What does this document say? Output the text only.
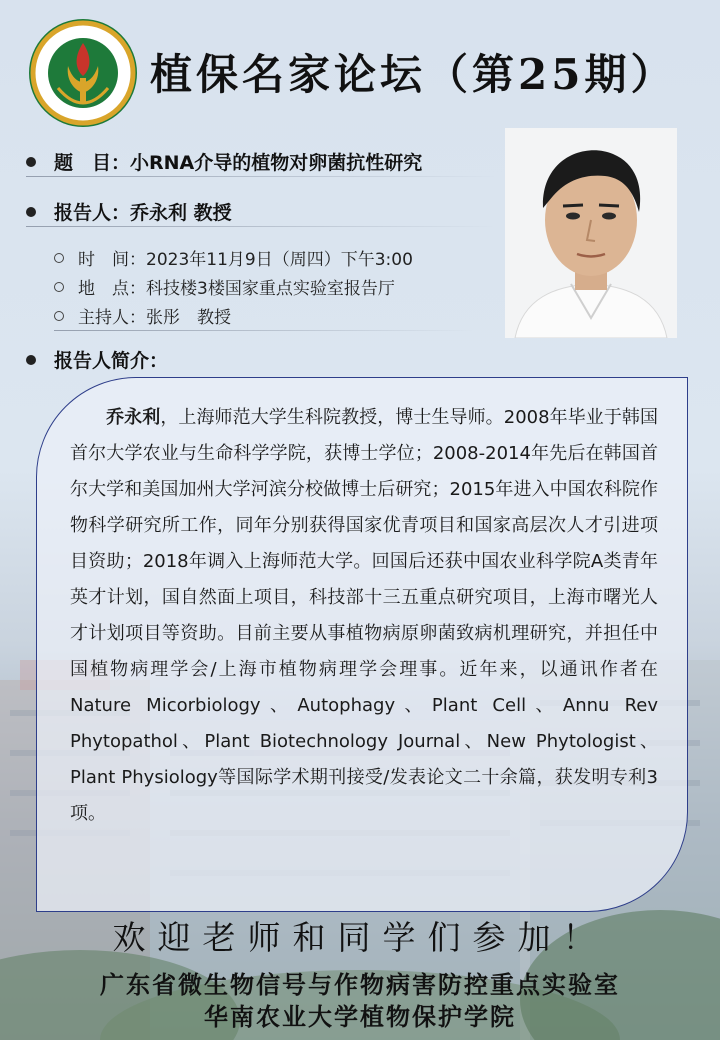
植保名家论坛（第25期）
题　目： 小RNA介导的植物对卵菌抗性研究
报告人： 乔永利 教授
时　间： 2023年11月9日（周四）下午3:00
地　点： 科技楼3楼国家重点实验室报告厅
主持人： 张彤　教授
报告人简介：
乔永利，上海师范大学生科院教授，博士生导师。2008年毕业于韩国首尔大学农业与生命科学学院，获博士学位；2008-2014年先后在韩国首尔大学和美国加州大学河滨分校做博士后研究；2015年进入中国农科院作物科学研究所工作，同年分别获得国家优青项目和国家高层次人才引进项目资助；2018年调入上海师范大学。回国后还获中国农业科学院A类青年英才计划，国自然面上项目，科技部十三五重点研究项目，上海市曙光人才计划项目等资助。目前主要从事植物病原卵菌致病机理研究，并担任中国植物病理学会/上海市植物病理学会理事。近年来，以通讯作者在Nature Micorbiology、Autophagy、Plant Cell、Annu Rev Phytopathol、Plant Biotechnology Journal、New Phytologist、Plant Physiology等国际学术期刊接受/发表论文二十余篇，获发明专利3项。
欢迎老师和同学们参加！
广东省微生物信号与作物病害防控重点实验室
华南农业大学植物保护学院
